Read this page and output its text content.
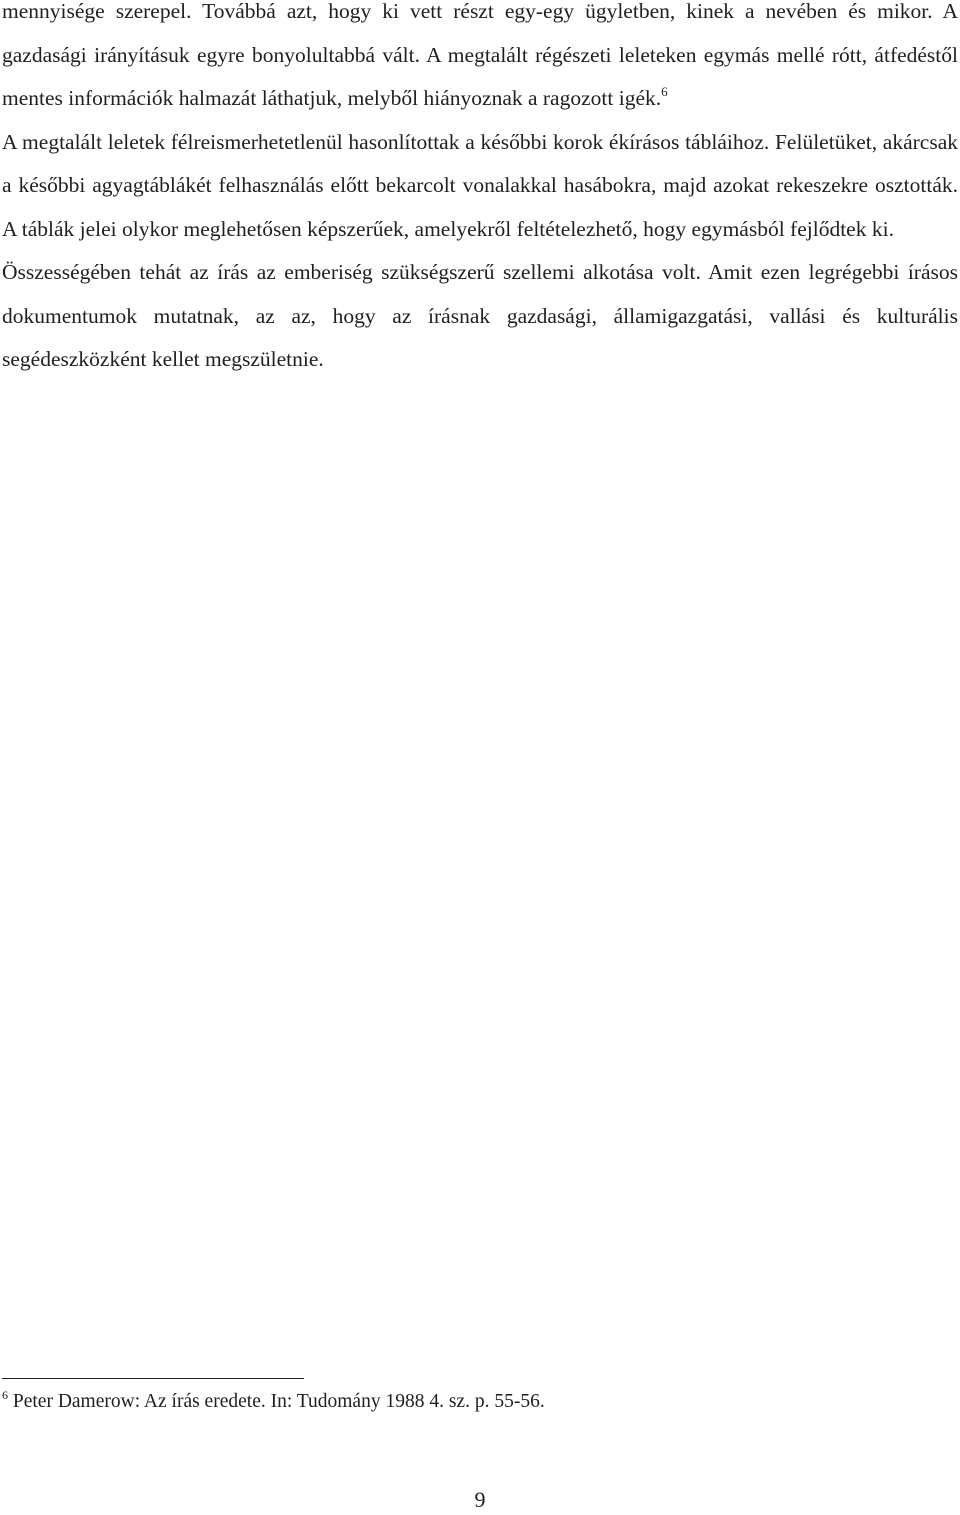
mennyisége szerepel. Továbbá azt, hogy ki vett részt egy-egy ügyletben, kinek a nevében és mikor. A gazdasági irányításuk egyre bonyolultabbá vált. A megtalált régészeti leleteken egymás mellé rótt, átfedéstől mentes információk halmazát láthatjuk, melyből hiányoznak a ragozott igék.$^6$

A megtalált leletek félreismerhetetlenül hasonlítottak a későbbi korok ékírásos tábláihoz. Felületüket, akárcsak a későbbi agyagtáblákét felhasználás előtt bekarcolt vonalakkal hasábokra, majd azokat rekeszekre osztották. A táblák jelei olykor meglehetősen képszerűek, amelyekről feltételezhető, hogy egymásból fejlődtek ki.

Összességében tehát az írás az emberiség szükségszerű szellemi alkotása volt. Amit ezen legrégebbi írásos dokumentumok mutatnak, az az, hogy az írásnak gazdasági, államigazgatási, vallási és kulturális segédeszközként kellet megszületnie.

$^6$ Peter Damerow: Az írás eredete. In: Tudomány 1988 4. sz. p. 55-56.
9
